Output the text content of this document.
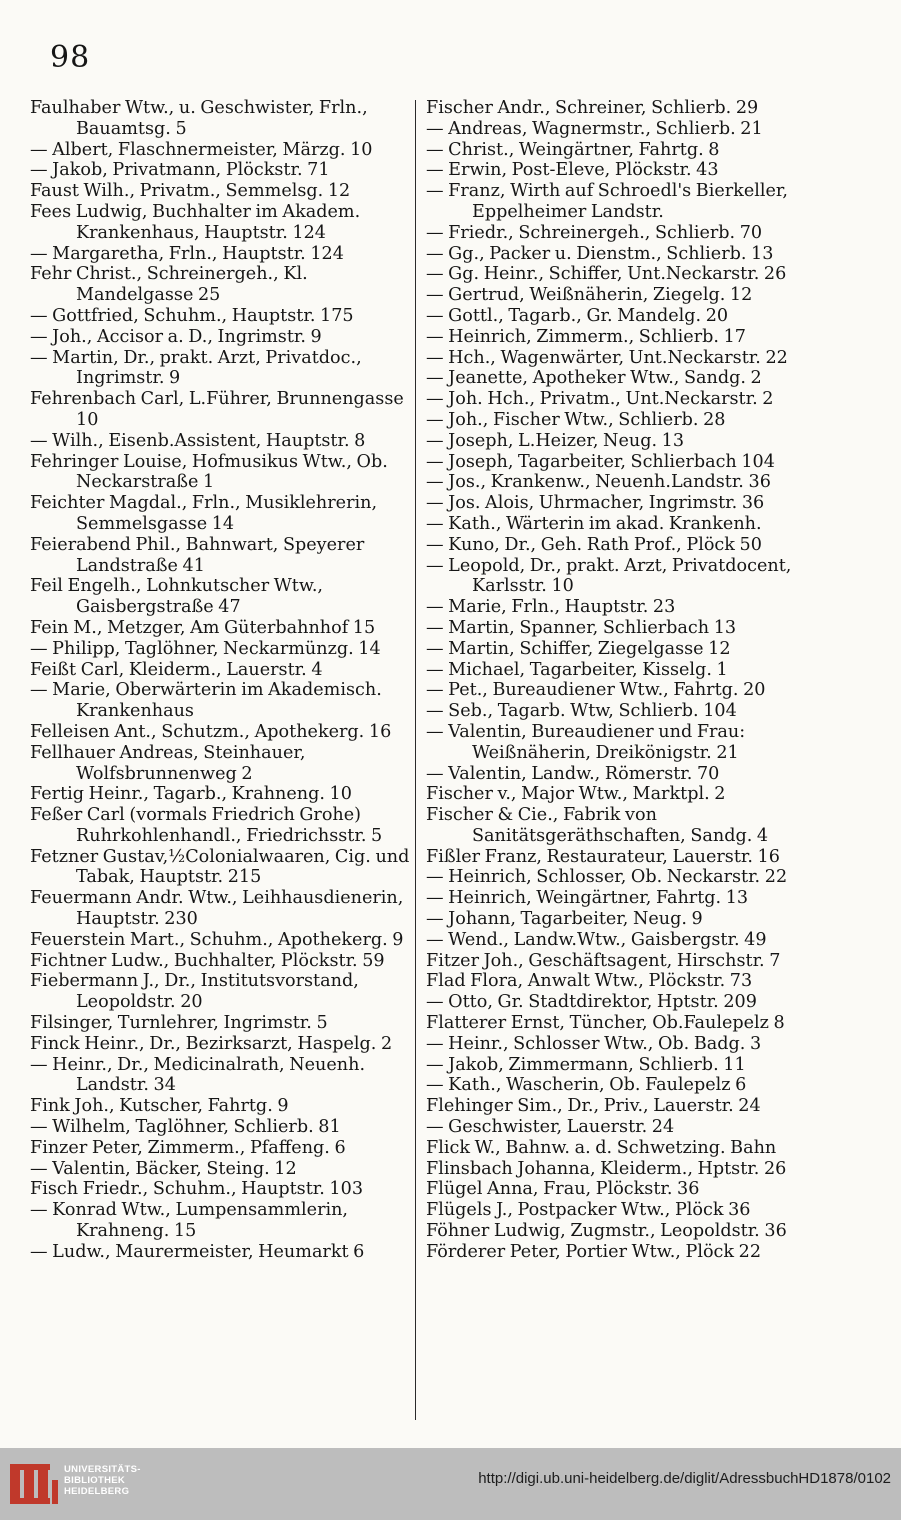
98
Faulhaber Wtw., u. Geschwister, Frln., Bauamtsg. 5
— Albert, Flaschnermeister, Märzg. 10
— Jakob, Privatmann, Plöckstr. 71
Faust Wilh., Privatm., Semmelsg. 12
Fees Ludwig, Buchhalter im Akadem. Krankenhaus, Hauptstr. 124
— Margaretha, Frln., Hauptstr. 124
Fehr Christ., Schreinergeh., Kl. Mandelgasse 25
— Gottfried, Schuhm., Hauptstr. 175
— Joh., Accisor a. D., Ingrimstr. 9
— Martin, Dr., prakt. Arzt, Privatdoc., Ingrimstr. 9
Fehrenbach Carl, L.Führer, Brunnengasse 10
— Wilh., Eisenb.Assistent, Hauptstr. 8
Fehringer Louise, Hofmusikus Wtw., Ob. Neckarstraße 1
Feichter Magdal., Frln., Musiklehrerin, Semmelsgasse 14
Feierabend Phil., Bahnwart, Speyerer Landstraße 41
Feil Engelh., Lohnkutscher Wtw., Gaisbergstraße 47
Fein M., Metzger, Am Güterbahnhof 15
— Philipp, Taglöhner, Neckarmünzg. 14
Feißt Carl, Kleiderm., Lauerstr. 4
— Marie, Oberwärterin im Akademisch. Krankenhaus
Felleisen Ant., Schutzm., Apothekerg. 16
Fellhauer Andreas, Steinhauer, Wolfsbrunnenweg 2
Fertig Heinr., Tagarb., Krahneng. 10
Feßer Carl (vormals Friedrich Grohe) Ruhrkohlenhandl., Friedrichsstr. 5
Fetzner Gustav,½Colonialwaaren, Cig. und Tabak, Hauptstr. 215
Feuermann Andr. Wtw., Leihhausdienerin, Hauptstr. 230
Feuerstein Mart., Schuhm., Apothekerg. 9
Fichtner Ludw., Buchhalter, Plöckstr. 59
Fiebermann J., Dr., Institutsvorstand, Leopoldstr. 20
Filsinger, Turnlehrer, Ingrimstr. 5
Finck Heinr., Dr., Bezirksarzt, Haspelg. 2
— Heinr., Dr., Medicinalrath, Neuenh. Landstr. 34
Fink Joh., Kutscher, Fahrtg. 9
— Wilhelm, Taglöhner, Schlierb. 81
Finzer Peter, Zimmerm., Pfaffeng. 6
— Valentin, Bäcker, Steing. 12
Fisch Friedr., Schuhm., Hauptstr. 103
— Konrad Wtw., Lumpensammlerin, Krahneng. 15
— Ludw., Maurermeister, Heumarkt 6
Fischer Andr., Schreiner, Schlierb. 29
— Andreas, Wagnermstr., Schlierb. 21
— Christ., Weingärtner, Fahrtg. 8
— Erwin, Post-Eleve, Plöckstr. 43
— Franz, Wirth auf Schroedl's Bierkeller, Eppelheimer Landstr.
— Friedr., Schreinergeh., Schlierb. 70
— Gg., Packer u. Dienstm., Schlierb. 13
— Gg. Heinr., Schiffer, Unt.Neckarstr. 26
— Gertrud, Weißnäherin, Ziegelg. 12
— Gottl., Tagarb., Gr. Mandelg. 20
— Heinrich, Zimmerm., Schlierb. 17
— Hch., Wagenwärter, Unt.Neckarstr. 22
— Jeanette, Apotheker Wtw., Sandg. 2
— Joh. Hch., Privatm., Unt.Neckarstr. 2
— Joh., Fischer Wtw., Schlierb. 28
— Joseph, L.Heizer, Neug. 13
— Joseph, Tagarbeiter, Schlierbach 104
— Jos., Krankenw., Neuenh.Landstr. 36
— Jos. Alois, Uhrmacher, Ingrimstr. 36
— Kath., Wärterin im akad. Krankenh.
— Kuno, Dr., Geh. Rath Prof., Plöck 50
— Leopold, Dr., prakt. Arzt, Privatdocent, Karlsstr. 10
— Marie, Frln., Hauptstr. 23
— Martin, Spanner, Schlierbach 13
— Martin, Schiffer, Ziegelgasse 12
— Michael, Tagarbeiter, Kisselg. 1
— Pet., Bureaudiener Wtw., Fahrtg. 20
— Seb., Tagarb. Wtw, Schlierb. 104
— Valentin, Bureaudiener und Frau: Weißnäherin, Dreikönigstr. 21
— Valentin, Landw., Römerstr. 70
Fischer v., Major Wtw., Marktpl. 2
Fischer & Cie., Fabrik von Sanitätsgeräthschaften, Sandg. 4
Fißler Franz, Restaurateur, Lauerstr. 16
— Heinrich, Schlosser, Ob. Neckarstr. 22
— Heinrich, Weingärtner, Fahrtg. 13
— Johann, Tagarbeiter, Neug. 9
— Wend., Landw.Wtw., Gaisbergstr. 49
Fitzer Joh., Geschäftsagent, Hirschstr. 7
Flad Flora, Anwalt Wtw., Plöckstr. 73
— Otto, Gr. Stadtdirektor, Hptstr. 209
Flatterer Ernst, Tüncher, Ob.Faulepelz 8
— Heinr., Schlosser Wtw., Ob. Badg. 3
— Jakob, Zimmermann, Schlierb. 11
— Kath., Wascherin, Ob. Faulepelz 6
Flehinger Sim., Dr., Priv., Lauerstr. 24
— Geschwister, Lauerstr. 24
Flick W., Bahnw. a. d. Schwetzing. Bahn
Flinsbach Johanna, Kleiderm., Hptstr. 26
Flügel Anna, Frau, Plöckstr. 36
Flügels J., Postpacker Wtw., Plöck 36
Föhner Ludwig, Zugmstr., Leopoldstr. 36
Förderer Peter, Portier Wtw., Plöck 22
UNIVERSITÄTS-
BIBLIOTHEK
HEIDELBERG
http://digi.ub.uni-heidelberg.de/diglit/AdressbuchHD1878/0102
